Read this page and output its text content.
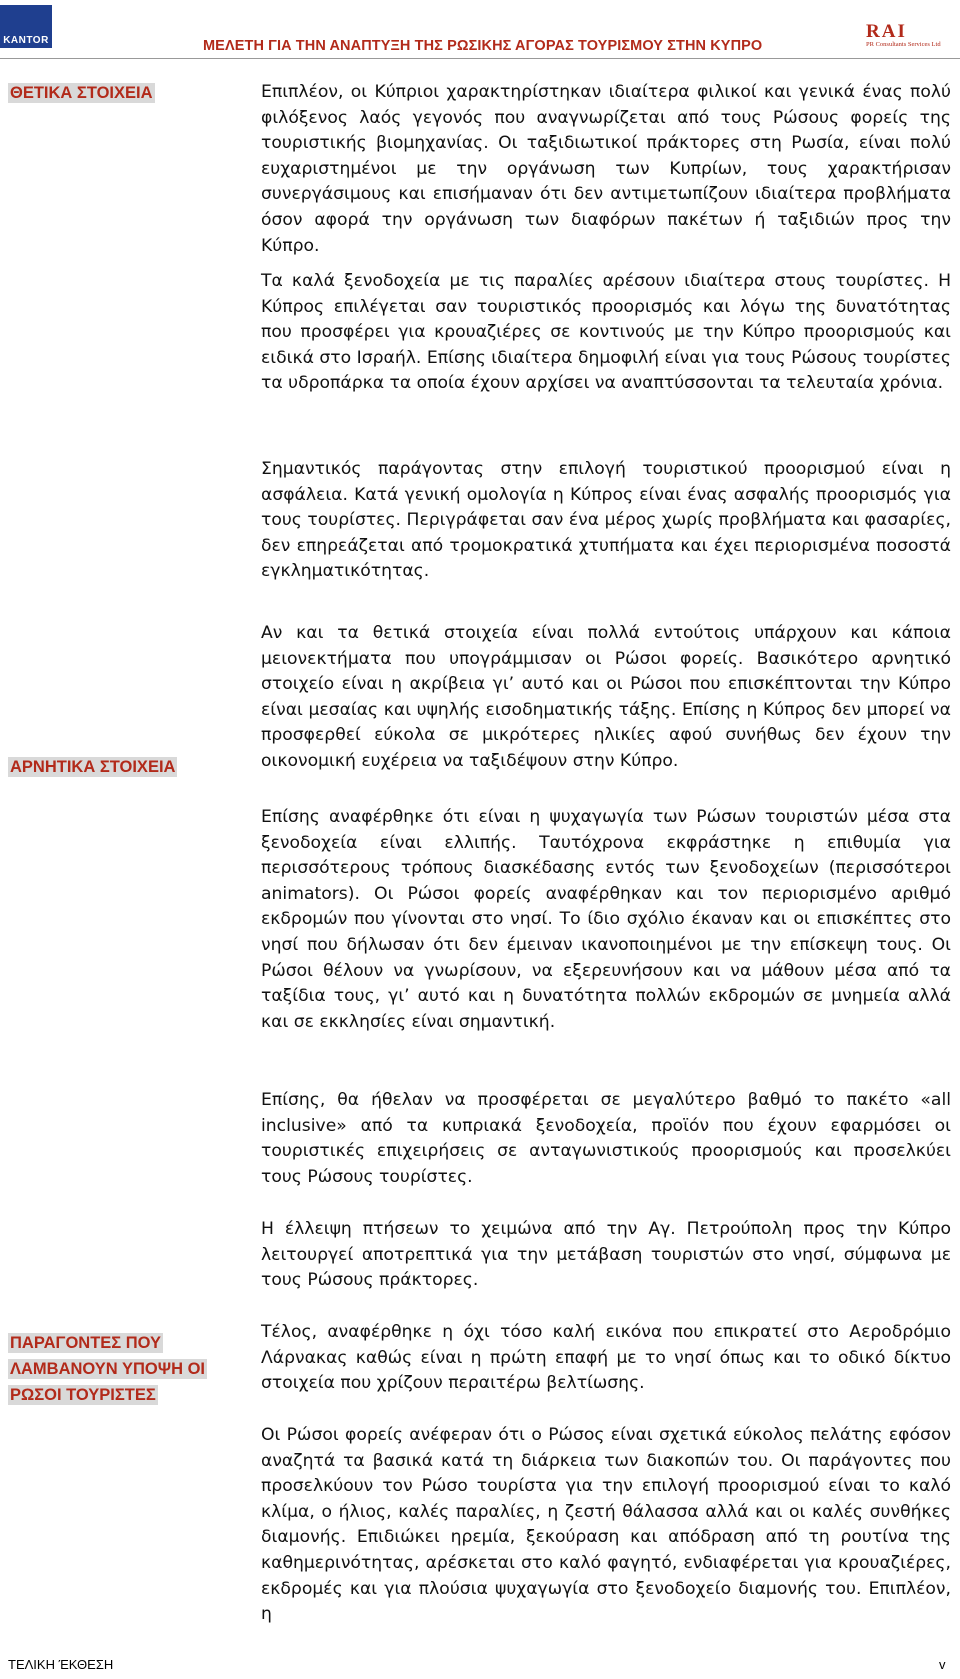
KANTOR	ΜΕΛΕΤΗ ΓΙΑ ΤΗΝ ΑΝΑΠΤΥΞΗ ΤΗΣ ΡΩΣΙΚΗΣ ΑΓΟΡΑΣ ΤΟΥΡΙΣΜΟΥ ΣΤΗΝ ΚΥΠΡΟ
RAI
PR Consultants Services Ltd
ΘΕΤΙΚΑ ΣΤΟΙΧΕΙΑ
ΑΡΝΗΤΙΚΑ ΣΤΟΙΧΕΙΑ
ΠΑΡΑΓΟΝΤΕΣ ΠΟΥ ΛΑΜΒΑΝΟΥΝ ΥΠΟΨΗ ΟΙ ΡΩΣΟΙ ΤΟΥΡΙΣΤΕΣ

Επιπλέον, οι Κύπριοι χαρακτηρίστηκαν ιδιαίτερα φιλικοί και γενικά ένας πολύ φιλόξενος λαός γεγονός που αναγνωρίζεται από τους Ρώσους φορείς της τουριστικής βιομηχανίας. Οι ταξιδιωτικοί πράκτορες στη Ρωσία, είναι πολύ ευχαριστημένοι με την οργάνωση των Κυπρίων, τους χαρακτήρισαν συνεργάσιμους και επισήμαναν ότι δεν αντιμετωπίζουν ιδιαίτερα προβλήματα όσον αφορά την οργάνωση των διαφόρων πακέτων ή ταξιδιών προς την Κύπρο.

Τα καλά ξενοδοχεία με τις παραλίες αρέσουν ιδιαίτερα στους τουρίστες. Η Κύπρος επιλέγεται σαν τουριστικός προορισμός και λόγω της δυνατότητας που προσφέρει για κρουαζιέρες σε κοντινούς με την Κύπρο προορισμούς και ειδικά στο Ισραήλ. Επίσης ιδιαίτερα δημοφιλή είναι για τους Ρώσους τουρίστες τα υδροπάρκα τα οποία έχουν αρχίσει να αναπτύσσονται τα τελευταία χρόνια.

Σημαντικός παράγοντας στην επιλογή τουριστικού προορισμού είναι η ασφάλεια. Κατά γενική ομολογία η Κύπρος είναι ένας ασφαλής προορισμός για τους τουρίστες. Περιγράφεται σαν ένα μέρος χωρίς προβλήματα και φασαρίες, δεν επηρεάζεται από τρομοκρατικά χτυπήματα και έχει περιορισμένα ποσοστά εγκληματικότητας.

Αν και τα θετικά στοιχεία είναι πολλά εντούτοις υπάρχουν και κάποια μειονεκτήματα που υπογράμμισαν οι Ρώσοι φορείς. Βασικότερο αρνητικό στοιχείο είναι η ακρίβεια γι’ αυτό και οι Ρώσοι που επισκέπτονται την Κύπρο είναι μεσαίας και υψηλής εισοδηματικής τάξης. Επίσης η Κύπρος δεν μπορεί να προσφερθεί εύκολα σε μικρότερες ηλικίες αφού συνήθως δεν έχουν την οικονομική ευχέρεια να ταξιδέψουν στην Κύπρο.

Επίσης αναφέρθηκε ότι είναι η ψυχαγωγία των Ρώσων τουριστών μέσα στα ξενοδοχεία είναι ελλιπής. Ταυτόχρονα εκφράστηκε η επιθυμία για περισσότερους τρόπους διασκέδασης εντός των ξενοδοχείων (περισσότεροι animators). Οι Ρώσοι φορείς αναφέρθηκαν και τον περιορισμένο αριθμό εκδρομών που γίνονται στο νησί. Το ίδιο σχόλιο έκαναν και οι επισκέπτες στο νησί που δήλωσαν ότι δεν έμειναν ικανοποιημένοι με την επίσκεψη τους. Οι Ρώσοι θέλουν να γνωρίσουν, να εξερευνήσουν και να μάθουν μέσα από τα ταξίδια τους, γι’ αυτό και η δυνατότητα πολλών εκδρομών σε μνημεία αλλά και σε εκκλησίες είναι σημαντική.

Επίσης, θα ήθελαν να προσφέρεται σε μεγαλύτερο βαθμό το πακέτο «all inclusive» από τα κυπριακά ξενοδοχεία, προϊόν που έχουν εφαρμόσει οι τουριστικές επιχειρήσεις σε ανταγωνιστικούς προορισμούς και προσελκύει τους Ρώσους τουρίστες.

Η έλλειψη πτήσεων το χειμώνα από την Αγ. Πετρούπολη προς την Κύπρο λειτουργεί αποτρεπτικά για την μετάβαση τουριστών στο νησί, σύμφωνα με τους Ρώσους πράκτορες.

Τέλος, αναφέρθηκε η όχι τόσο καλή εικόνα που επικρατεί στο Αεροδρόμιο Λάρνακας καθώς είναι η πρώτη επαφή με το νησί όπως και το οδικό δίκτυο στοιχεία που χρίζουν περαιτέρω βελτίωσης.

Οι Ρώσοι φορείς ανέφεραν ότι ο Ρώσος είναι σχετικά εύκολος πελάτης εφόσον αναζητά τα βασικά κατά τη διάρκεια των διακοπών του. Οι παράγοντες που προσελκύουν τον Ρώσο τουρίστα για την επιλογή προορισμού είναι το καλό κλίμα, ο ήλιος, καλές παραλίες, η ζεστή θάλασσα αλλά και οι καλές συνθήκες διαμονής. Επιδιώκει ηρεμία, ξεκούραση και απόδραση από τη ρουτίνα της καθημερινότητας, αρέσκεται στο καλό φαγητό, ενδιαφέρεται για κρουαζιέρες, εκδρομές και για πλούσια ψυχαγωγία στο ξενοδοχείο διαμονής του. Επιπλέον, η

ΤΕΛΙΚΗ ΈΚΘΕΣΗ	v
